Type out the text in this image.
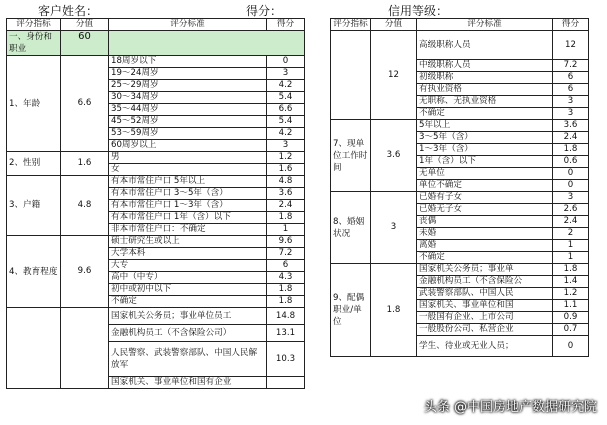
客户姓名：	得分：	信用等级：
评分指标	分值	评分标准	得分
一、身份和职业	60		
1、年龄	6.6	18周岁以下	0
		19～24周岁	3
		25～29周岁	4.2
		30～34周岁	5.4
		35～44周岁	6.6
		45～52周岁	5.4
		53～59周岁	4.2
		60周岁以上	3
2、性别	1.6	男	1.2
		女	1.6
3、户籍	4.8	有本市常住户口 5年以上	4.8
		有本市常住户口 3～5年（含）	3.6
		有本市常住户口 1～3年（含）	2.4
		有本市常住户口 1年（含）以下	1.8
		非本市常住户口：不确定	1
4、教育程度	9.6	硕士研究生或以上	9.6
		大学本科	7.2
		大专	6
		高中（中专）	4.3
		初中或初中以下	1.8
		不确定	1.8
		国家机关公务员；事业单位员工	14.8
		金融机构员工（不含保险公司）	13.1
		人民警察、武装警察部队、中国人民解放军	10.3
		国家机关、事业单位和国有企业	
评分指标	分值	评分标准	得分
	12	高级职称人员	12
		中级职称人员	7.2
		初级职称	6
		有执业资格	6
		无职称、无执业资格	3
		不确定	3
7、现单位工作时间	3.6	5年以上	3.6
		3～5年（含）	2.4
		1～3年（含）	1.8
		1年（含）以下	0.6
		无单位	0
		单位不确定	0
8、婚姻状况	3	已婚有子女	3
		已婚无子女	2.6
		丧偶	2.4
		未婚	2
		离婚	1
		不确定	1
9、配偶职业/单位	1.8	国家机关公务员；事业单	1.8
		金融机构员工（不含保险公	1.4
		武装警察部队、中国人民	1.2
		国家机关、事业单位和国	1.1
		一般国有企业、上市公司	0.9
		一般股份公司、私营企业	0.7
		学生、待业或无业人员；	0
头条 @中国房地产数据研究院
